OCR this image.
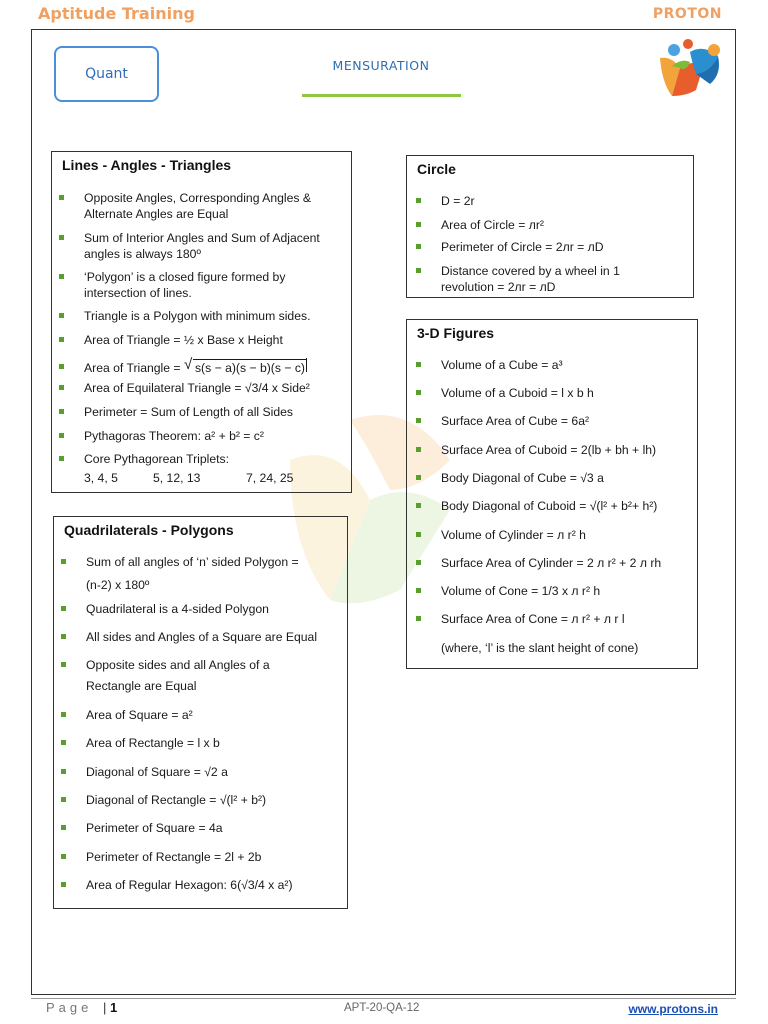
Aptitude Training	PROTON
Quant
MENSURATION
Lines - Angles - Triangles
Opposite Angles, Corresponding Angles &
Alternate Angles are Equal
Sum of Interior Angles and Sum of Adjacent
angles is always 180º
‘Polygon’ is a closed figure formed by
intersection of lines.
Triangle is a Polygon with minimum sides.
Area of Triangle = ½ x Base x Height
Area of Triangle = √ s(s − a)(s − b)(s − c)
Area of Equilateral Triangle = √3/4 x Side²
Perimeter = Sum of Length of all Sides
Pythagoras Theorem: a² + b² = c²
Core Pythagorean Triplets:
3, 4, 5	5, 12, 13	7, 24, 25
Circle
D = 2r
Area of Circle = лr²
Perimeter of Circle = 2лr = лD
Distance covered by a wheel in 1
revolution = 2лr = лD
3-D Figures
Volume of a Cube = a³
Volume of a Cuboid = l x b h
Surface Area of Cube = 6a²
Surface Area of Cuboid = 2(lb + bh + lh)
Body Diagonal of Cube = √3 a
Body Diagonal of Cuboid = √(l² + b²+ h²)
Volume of Cylinder = л r² h
Surface Area of Cylinder = 2 л r² + 2 л rh
Volume of Cone = 1/3 x л r² h
Surface Area of Cone = л r² + л r l
(where, ‘l’ is the slant height of cone)
Quadrilaterals - Polygons
Sum of all angles of ‘n’ sided Polygon =
(n-2) x 180º
Quadrilateral is a 4-sided Polygon
All sides and Angles of a Square are Equal
Opposite sides and all Angles of a
Rectangle are Equal
Area of Square = a²
Area of Rectangle = l x b
Diagonal of Square = √2 a
Diagonal of Rectangle = √(l² + b²)
Perimeter of Square = 4a
Perimeter of Rectangle = 2l + 2b
Area of Regular Hexagon: 6(√3/4 x a²)
Page | 1	APT-20-QA-12	www.protons.in
